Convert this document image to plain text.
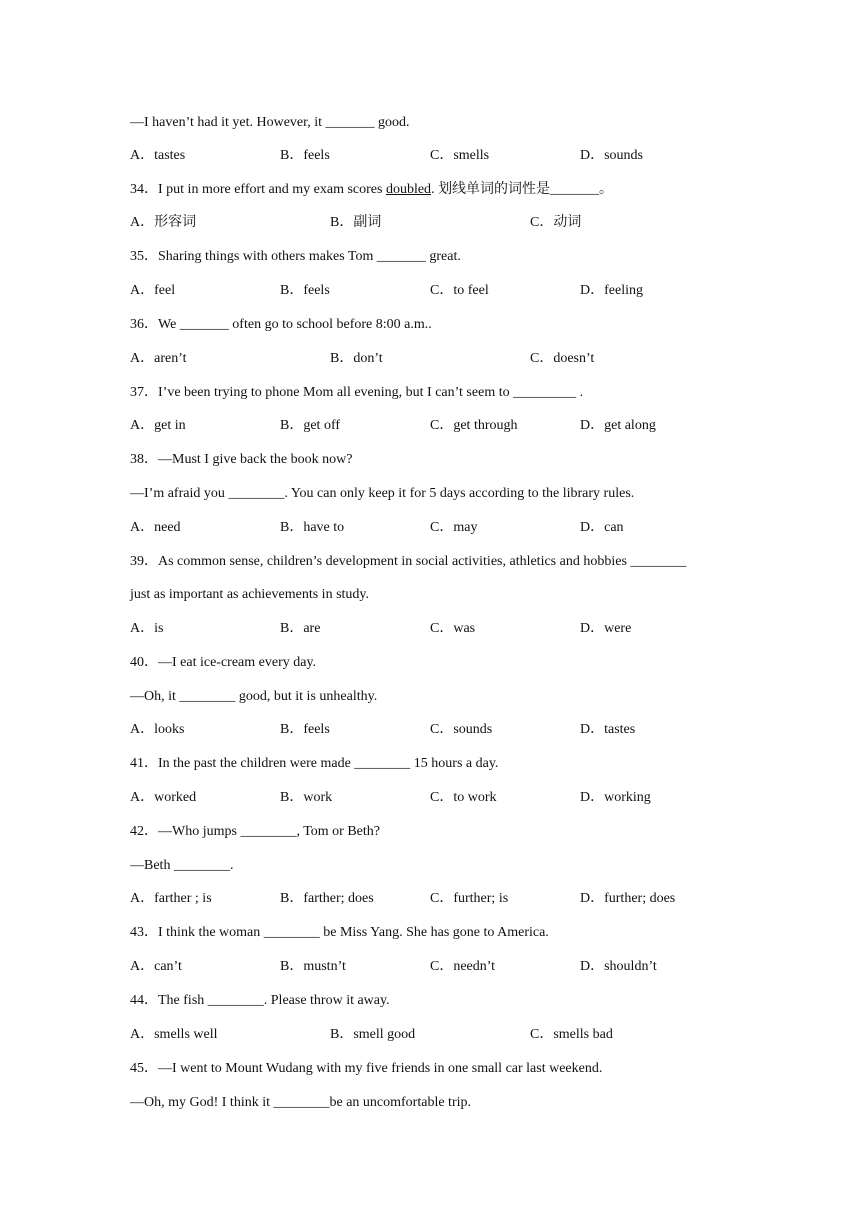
—I haven’t had it yet. However, it _______ good.
A．tastes	B．feels	C．smells	D．sounds
34．I put in more effort and my exam scores doubled. 划线单词的词性是_______。
A．形容词	B．副词	C．动词
35．Sharing things with others makes Tom _______ great.
A．feel	B．feels	C．to feel	D．feeling
36．We _______ often go to school before 8:00 a.m..
A．aren’t	B．don’t	C．doesn’t
37．I’ve been trying to phone Mom all evening, but I can’t seem to _________ .
A．get in	B．get off	C．get through	D．get along
38．—Must I give back the book now?
—I’m afraid you ________. You can only keep it for 5 days according to the library rules.
A．need	B．have to	C．may	D．can
39．As common sense, children’s development in social activities, athletics and hobbies ________
just as important as achievements in study.
A．is	B．are	C．was	D．were
40．—I eat ice-cream every day.
—Oh, it ________ good, but it is unhealthy.
A．looks	B．feels	C．sounds	D．tastes
41．In the past the children were made ________ 15 hours a day.
A．worked	B．work	C．to work	D．working
42．—Who jumps ________, Tom or Beth?
—Beth ________.
A．farther ; is	B．farther; does	C．further; is	D．further; does
43．I think the woman ________ be Miss Yang. She has gone to America.
A．can’t	B．mustn’t	C．needn’t	D．shouldn’t
44．The fish ________. Please throw it away.
A．smells well	B．smell good	C．smells bad
45．—I went to Mount Wudang with my five friends in one small car last weekend.
—Oh, my God! I think it ________be an uncomfortable trip.
